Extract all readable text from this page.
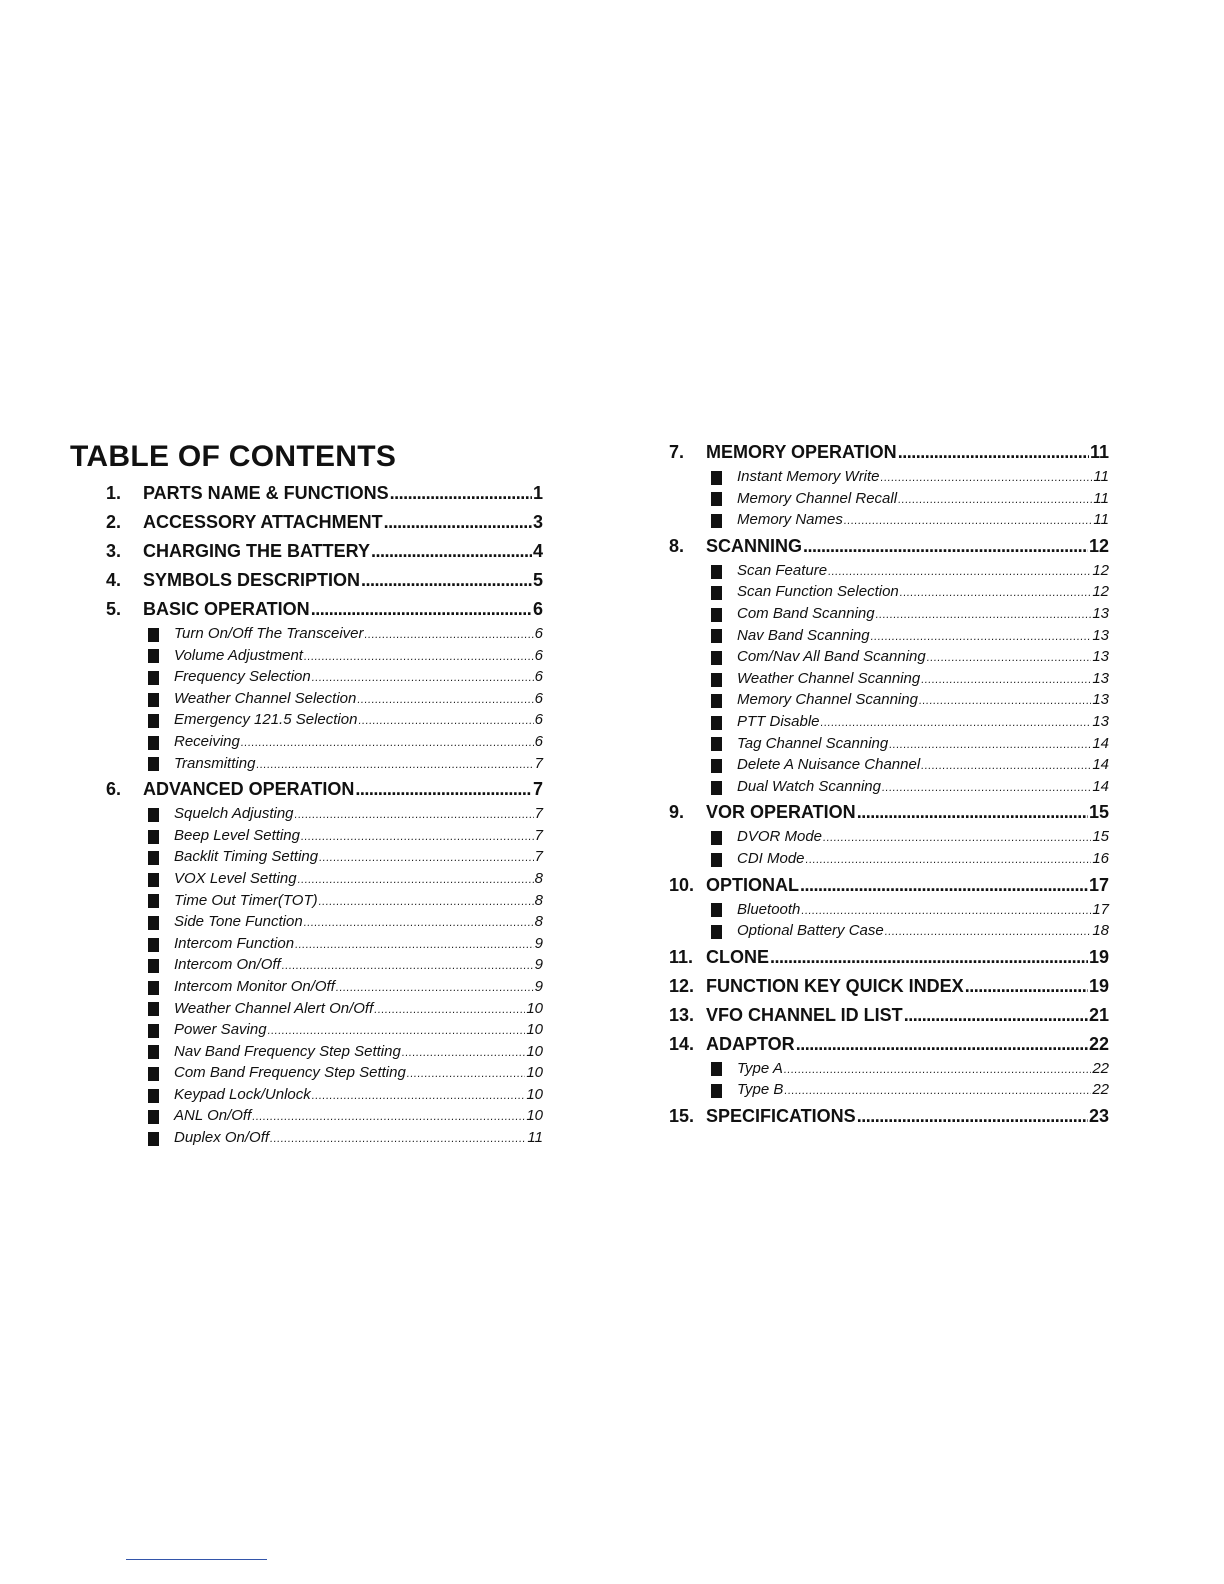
TABLE OF CONTENTS
1.	PARTS NAME & FUNCTIONS .....	1
2.	ACCESSORY ATTACHMENT .....	3
3.	CHARGING THE BATTERY .....	4
4.	SYMBOLS DESCRIPTION .....	5
5.	BASIC OPERATION .....	6
Turn On/Off The Transceiver .....	6
Volume Adjustment .....	6
Frequency Selection .....	6
Weather Channel Selection .....	6
Emergency 121.5 Selection .....	6
Receiving .....	6
Transmitting .....	7
6.	ADVANCED OPERATION .....	7
Squelch Adjusting .....	7
Beep Level Setting .....	7
Backlit Timing Setting .....	7
VOX Level Setting .....	8
Time Out Timer(TOT) .....	8
Side Tone Function .....	8
Intercom Function .....	9
Intercom On/Off .....	9
Intercom Monitor On/Off .....	9
Weather Channel Alert On/Off .....	10
Power Saving .....	10
Nav Band Frequency Step Setting .....	10
Com Band Frequency Step Setting .....	10
Keypad Lock/Unlock .....	10
ANL On/Off .....	10
Duplex On/Off .....	11
7.	MEMORY OPERATION .....	11
Instant Memory Write .....	11
Memory Channel Recall .....	11
Memory Names .....	11
8.	SCANNING .....	12
Scan Feature .....	12
Scan Function Selection .....	12
Com Band Scanning .....	13
Nav Band Scanning .....	13
Com/Nav All Band Scanning .....	13
Weather Channel Scanning .....	13
Memory Channel Scanning .....	13
PTT Disable .....	13
Tag Channel Scanning .....	14
Delete A Nuisance Channel .....	14
Dual Watch Scanning .....	14
9.	VOR OPERATION .....	15
DVOR Mode .....	15
CDI Mode .....	16
10. OPTIONAL .....	17
Bluetooth .....	17
Optional Battery Case .....	18
11. CLONE .....	19
12. FUNCTION KEY QUICK INDEX .....	19
13. VFO CHANNEL ID LIST .....	21
14. ADAPTOR .....	22
Type A .....	22
Type B .....	22
15. SPECIFICATIONS .....	23
